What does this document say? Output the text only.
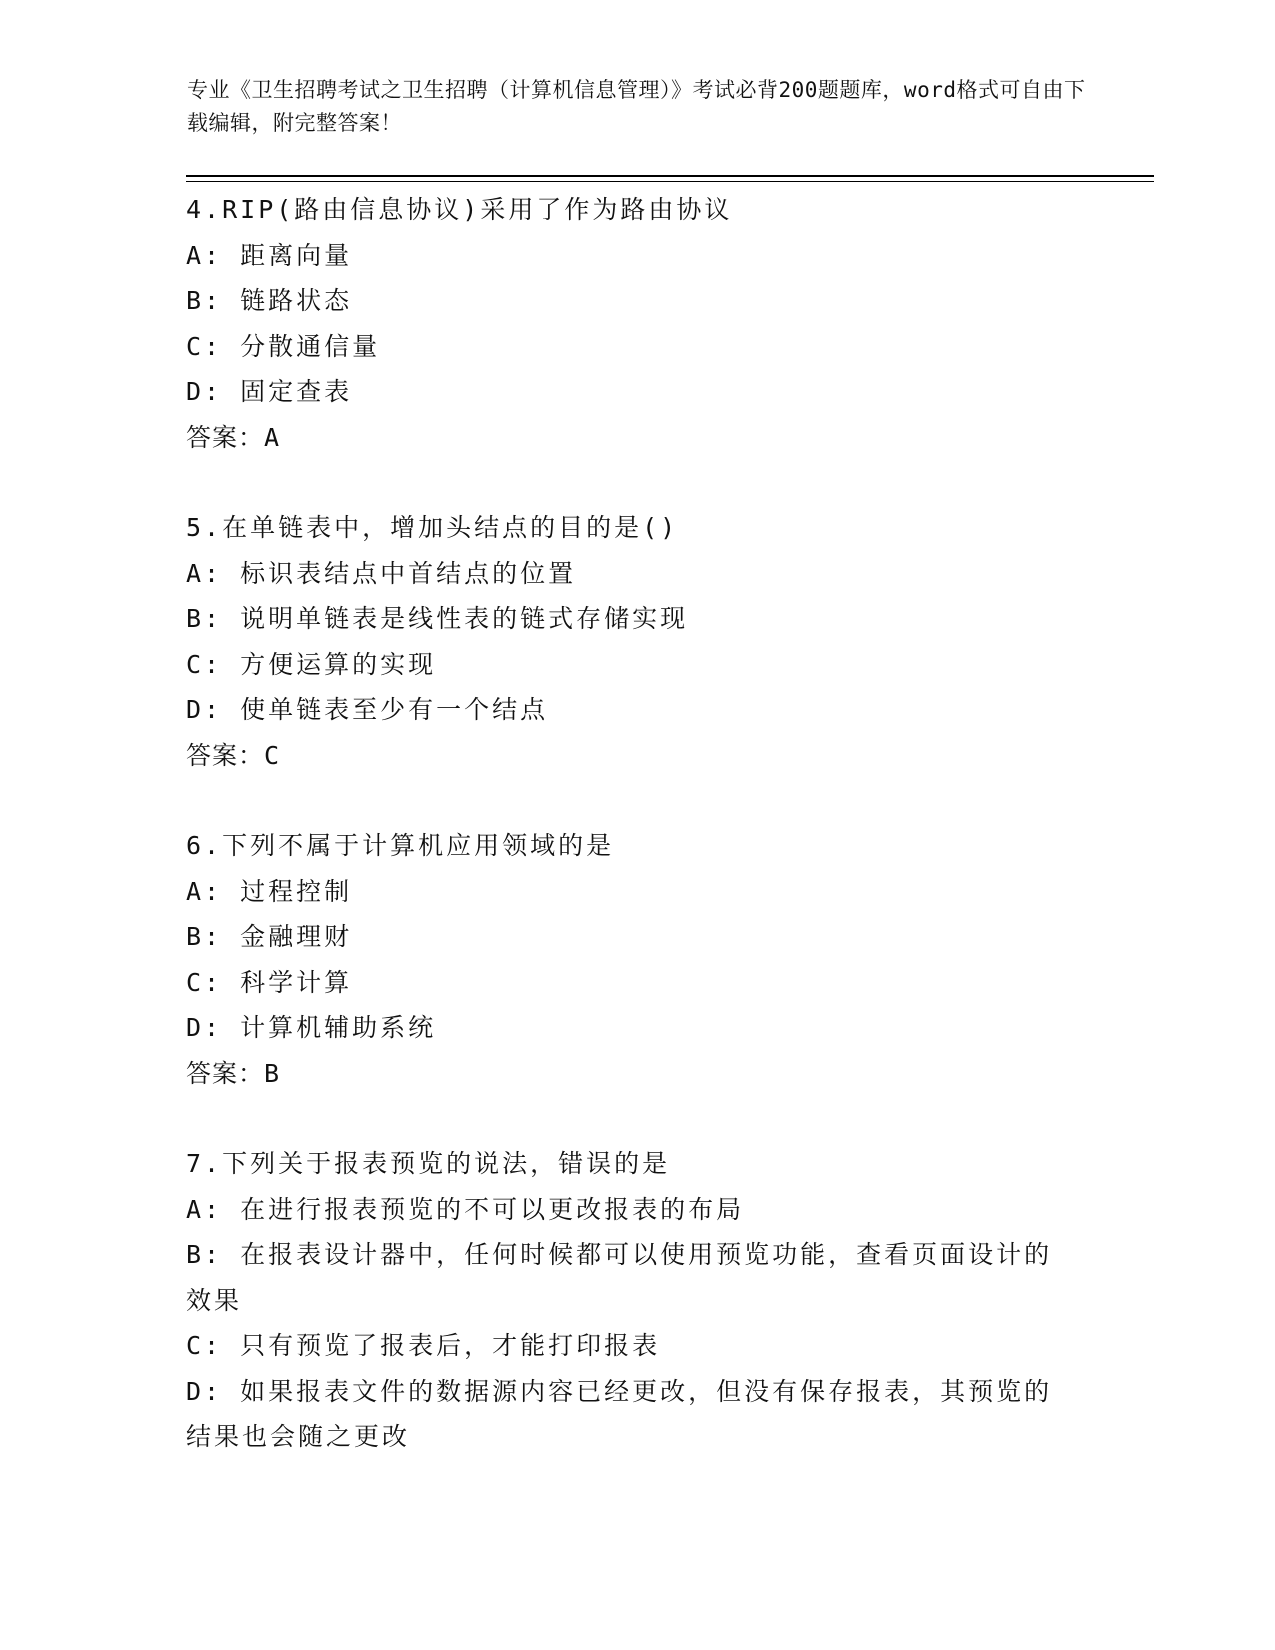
专业《卫生招聘考试之卫生招聘（计算机信息管理）》考试必背200题题库，word格式可自由下载编辑，附完整答案！
4.RIP(路由信息协议)采用了作为路由协议
A: 距离向量
B: 链路状态
C: 分散通信量
D: 固定查表
答案：A
5.在单链表中，增加头结点的目的是()
A: 标识表结点中首结点的位置
B: 说明单链表是线性表的链式存储实现
C: 方便运算的实现
D: 使单链表至少有一个结点
答案：C
6.下列不属于计算机应用领域的是
A: 过程控制
B: 金融理财
C: 科学计算
D: 计算机辅助系统
答案：B
7.下列关于报表预览的说法，错误的是
A: 在进行报表预览的不可以更改报表的布局
B: 在报表设计器中，任何时候都可以使用预览功能，查看页面设计的效果
C: 只有预览了报表后，才能打印报表
D: 如果报表文件的数据源内容已经更改，但没有保存报表，其预览的结果也会随之更改
